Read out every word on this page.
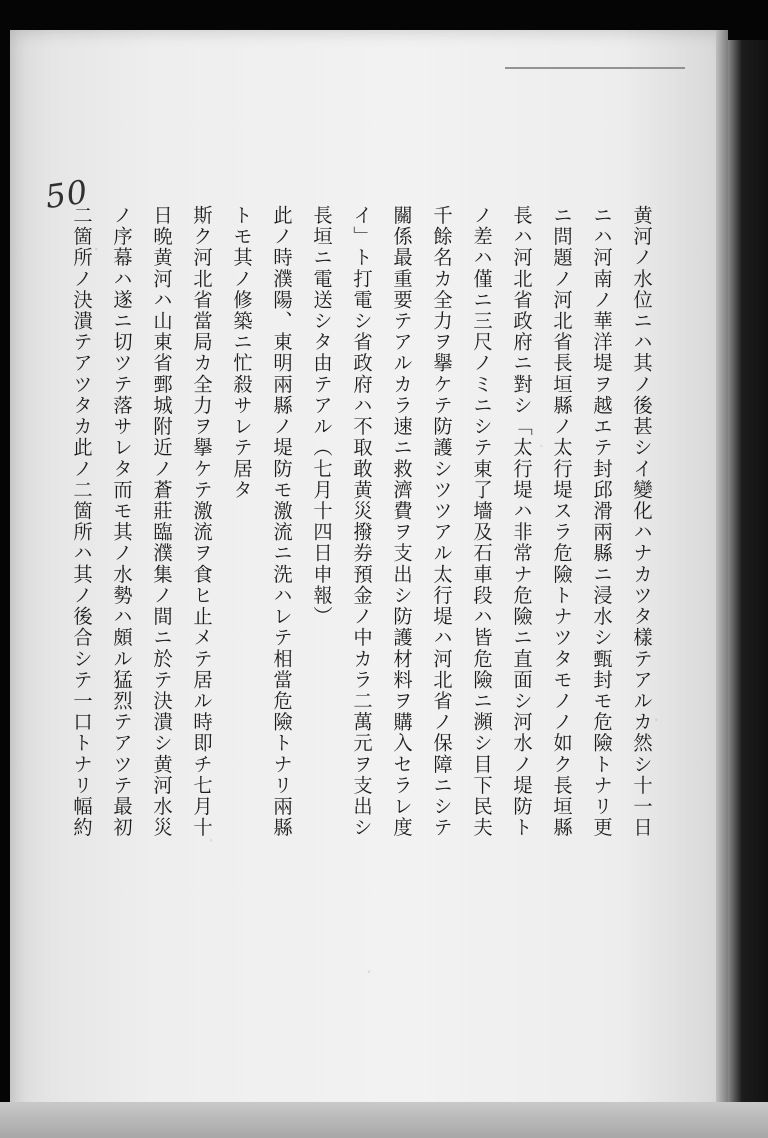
50
黄河ノ水位ニハ其ノ後甚シイ變化ハナカツタ樣テアルカ然シ十一日
ニハ河南ノ華洋堤ヲ越エテ封邱滑兩縣ニ浸水シ甄封モ危險トナリ更
ニ問題ノ河北省長垣縣ノ太行堤スラ危險トナツタモノノ如ク長垣縣
長ハ河北省政府ニ對シ「太行堤ハ非常ナ危險ニ直面シ河水ノ堤防ト
ノ差ハ僅ニ三尺ノミニシテ東了墻及石車段ハ皆危險ニ瀕シ目下民夫
千餘名カ全力ヲ擧ケテ防護シツツアル太行堤ハ河北省ノ保障ニシテ
關係最重要テアルカラ速ニ救濟費ヲ支出シ防護材料ヲ購入セラレ度
イ」ト打電シ省政府ハ不取敢黄災撥券預金ノ中カラ二萬元ヲ支出シ
長垣ニ電送シタ由テアル（七月十四日申報）
此ノ時濮陽、東明兩縣ノ堤防モ激流ニ洗ハレテ相當危險トナリ兩縣
トモ其ノ修築ニ忙殺サレテ居タ
斯ク河北省當局カ全力ヲ擧ケテ激流ヲ食ヒ止メテ居ル時即チ七月十
日晩黄河ハ山東省鄄城附近ノ蒼莊臨濮集ノ間ニ於テ決潰シ黄河水災
ノ序幕ハ遂ニ切ツテ落サレタ而モ其ノ水勢ハ頗ル猛烈テアツテ最初
二箇所ノ決潰テアツタカ此ノ二箇所ハ其ノ後合シテ一口トナリ幅約
